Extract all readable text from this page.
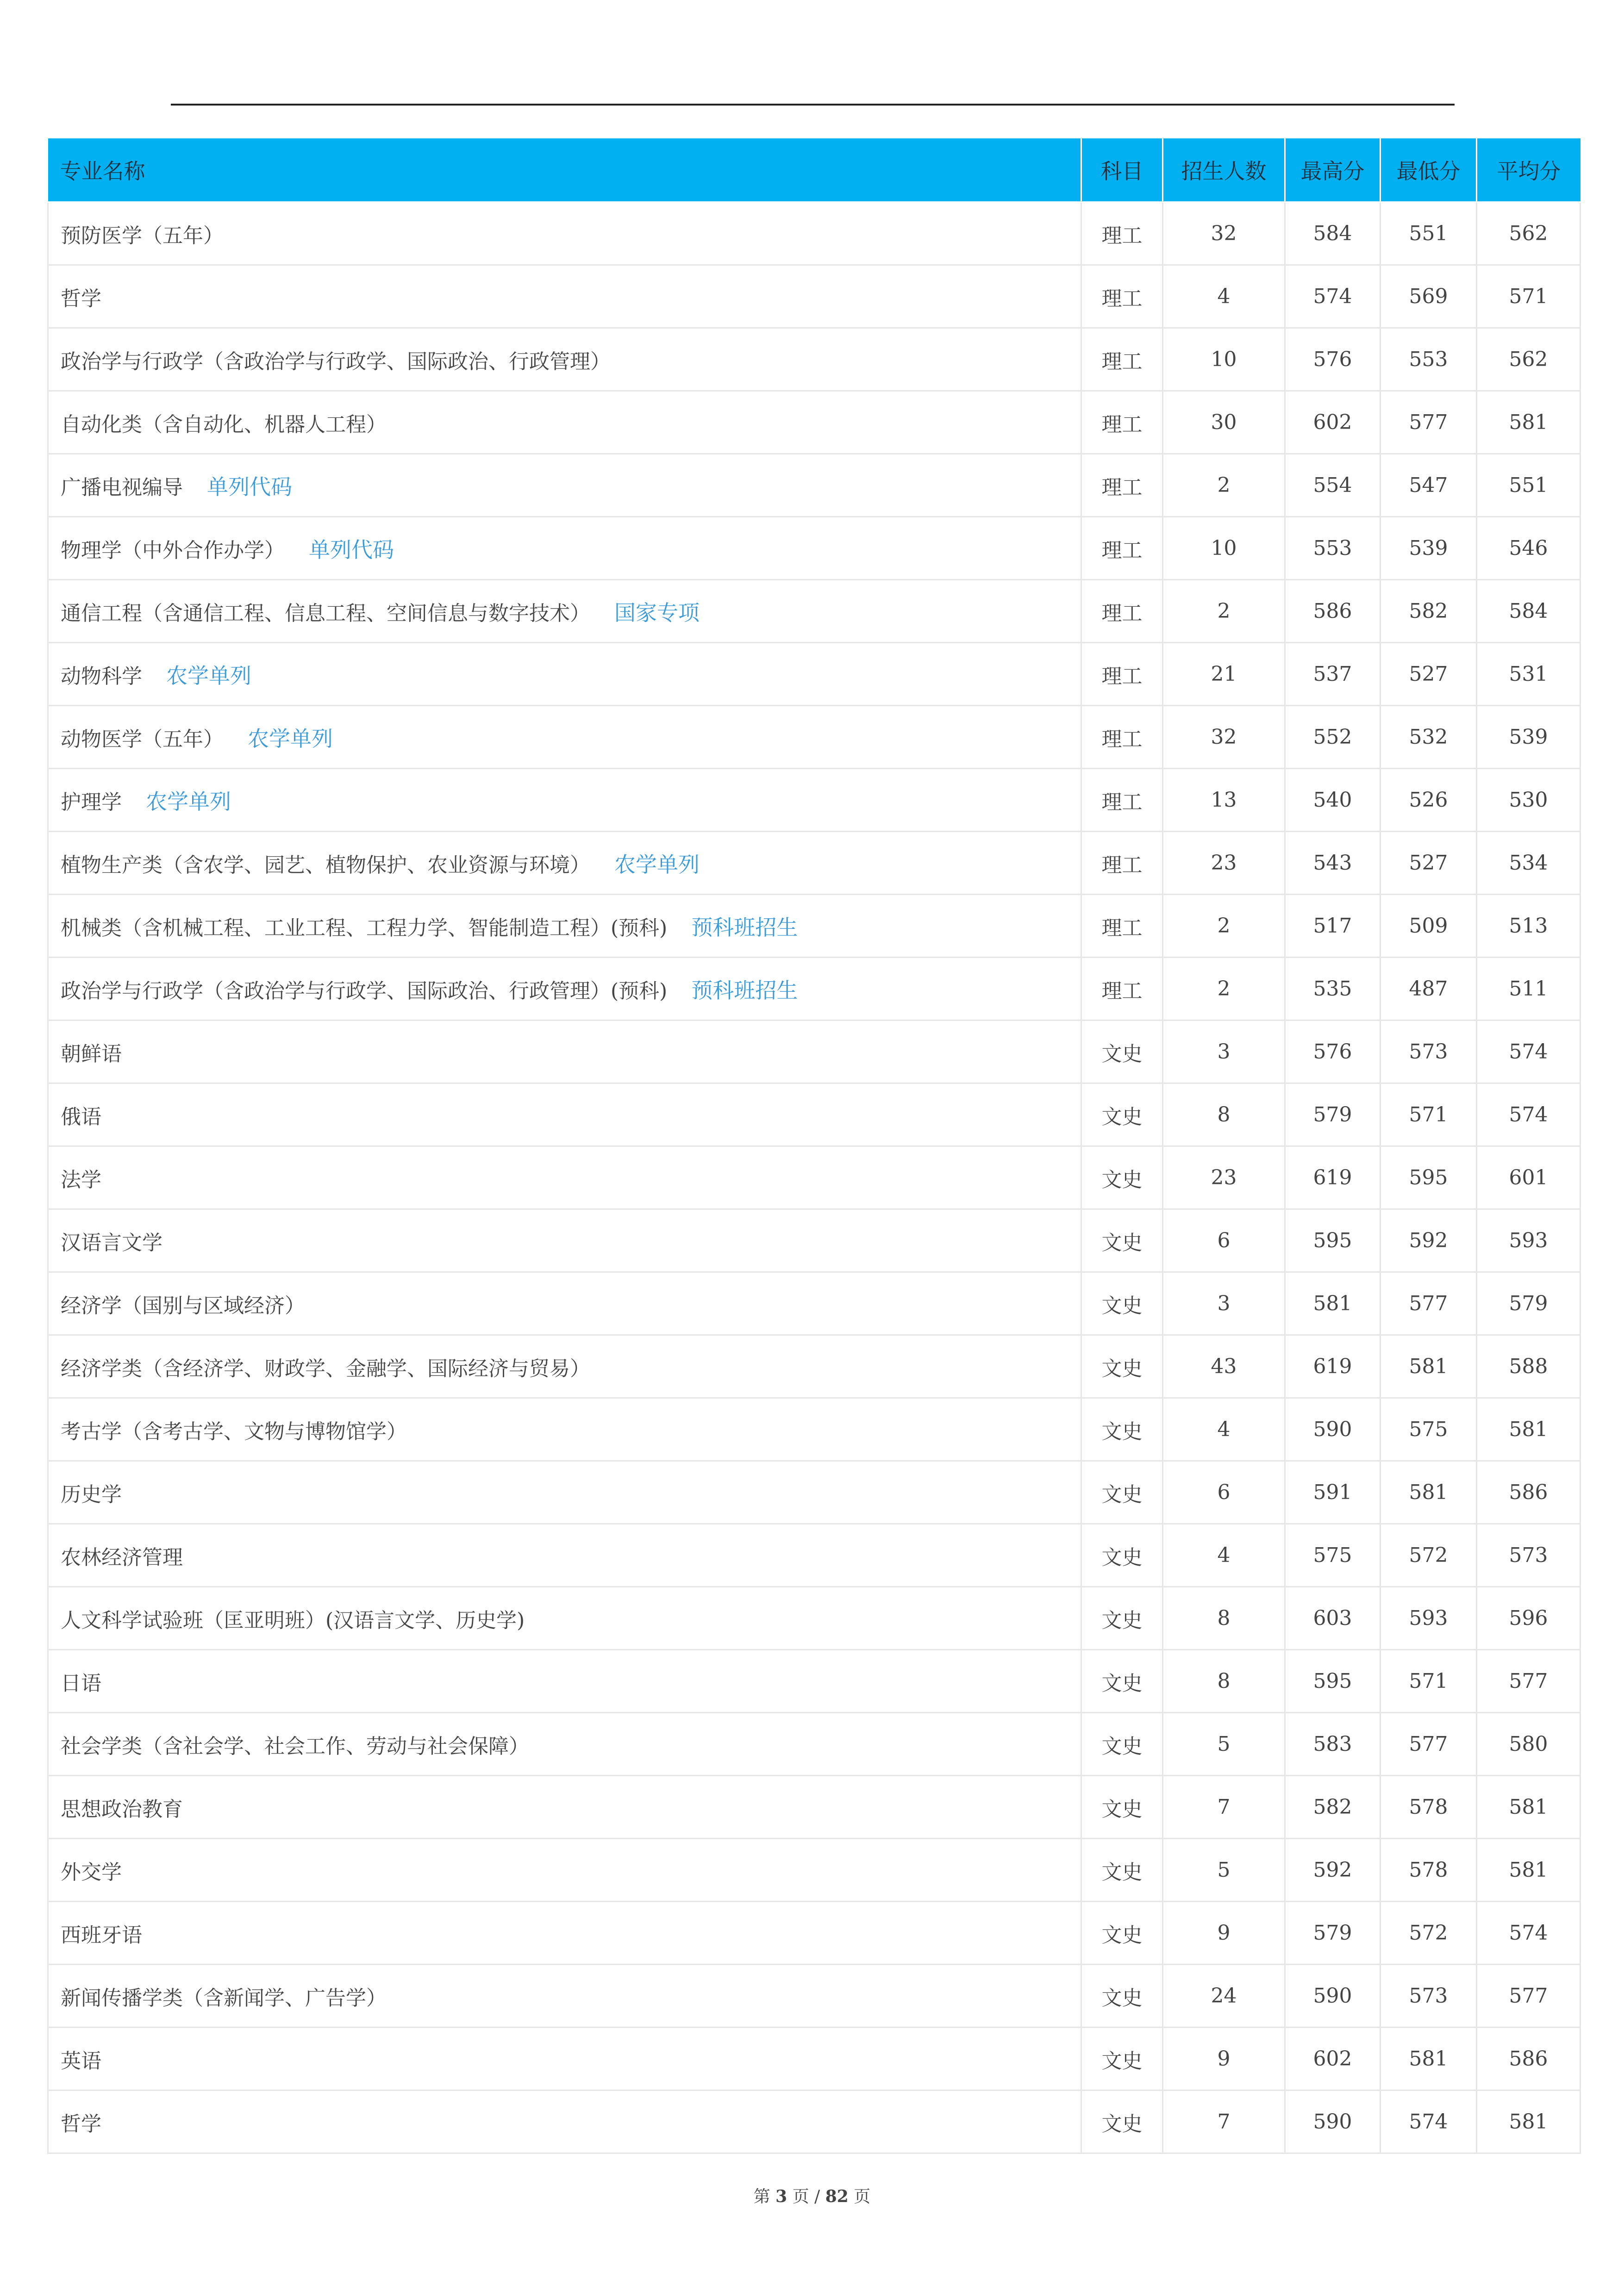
专业名称	科目	招生人数	最高分	最低分	平均分
预防医学（五年）	理工	32	584	551	562
哲学	理工	4	574	569	571
政治学与行政学（含政治学与行政学、国际政治、行政管理）	理工	10	576	553	562
自动化类（含自动化、机器人工程）	理工	30	602	577	581
广播电视编导 单列代码	理工	2	554	547	551
物理学（中外合作办学） 单列代码	理工	10	553	539	546
通信工程（含通信工程、信息工程、空间信息与数字技术） 国家专项	理工	2	586	582	584
动物科学 农学单列	理工	21	537	527	531
动物医学（五年） 农学单列	理工	32	552	532	539
护理学 农学单列	理工	13	540	526	530
植物生产类（含农学、园艺、植物保护、农业资源与环境） 农学单列	理工	23	543	527	534
机械类（含机械工程、工业工程、工程力学、智能制造工程）(预科) 预科班招生	理工	2	517	509	513
政治学与行政学（含政治学与行政学、国际政治、行政管理）(预科) 预科班招生	理工	2	535	487	511
朝鲜语	文史	3	576	573	574
俄语	文史	8	579	571	574
法学	文史	23	619	595	601
汉语言文学	文史	6	595	592	593
经济学（国别与区域经济）	文史	3	581	577	579
经济学类（含经济学、财政学、金融学、国际经济与贸易）	文史	43	619	581	588
考古学（含考古学、文物与博物馆学）	文史	4	590	575	581
历史学	文史	6	591	581	586
农林经济管理	文史	4	575	572	573
人文科学试验班（匡亚明班）(汉语言文学、历史学)	文史	8	603	593	596
日语	文史	8	595	571	577
社会学类（含社会学、社会工作、劳动与社会保障）	文史	5	583	577	580
思想政治教育	文史	7	582	578	581
外交学	文史	5	592	578	581
西班牙语	文史	9	579	572	574
新闻传播学类（含新闻学、广告学）	文史	24	590	573	577
英语	文史	9	602	581	586
哲学	文史	7	590	574	581
第 3 页 / 82 页
